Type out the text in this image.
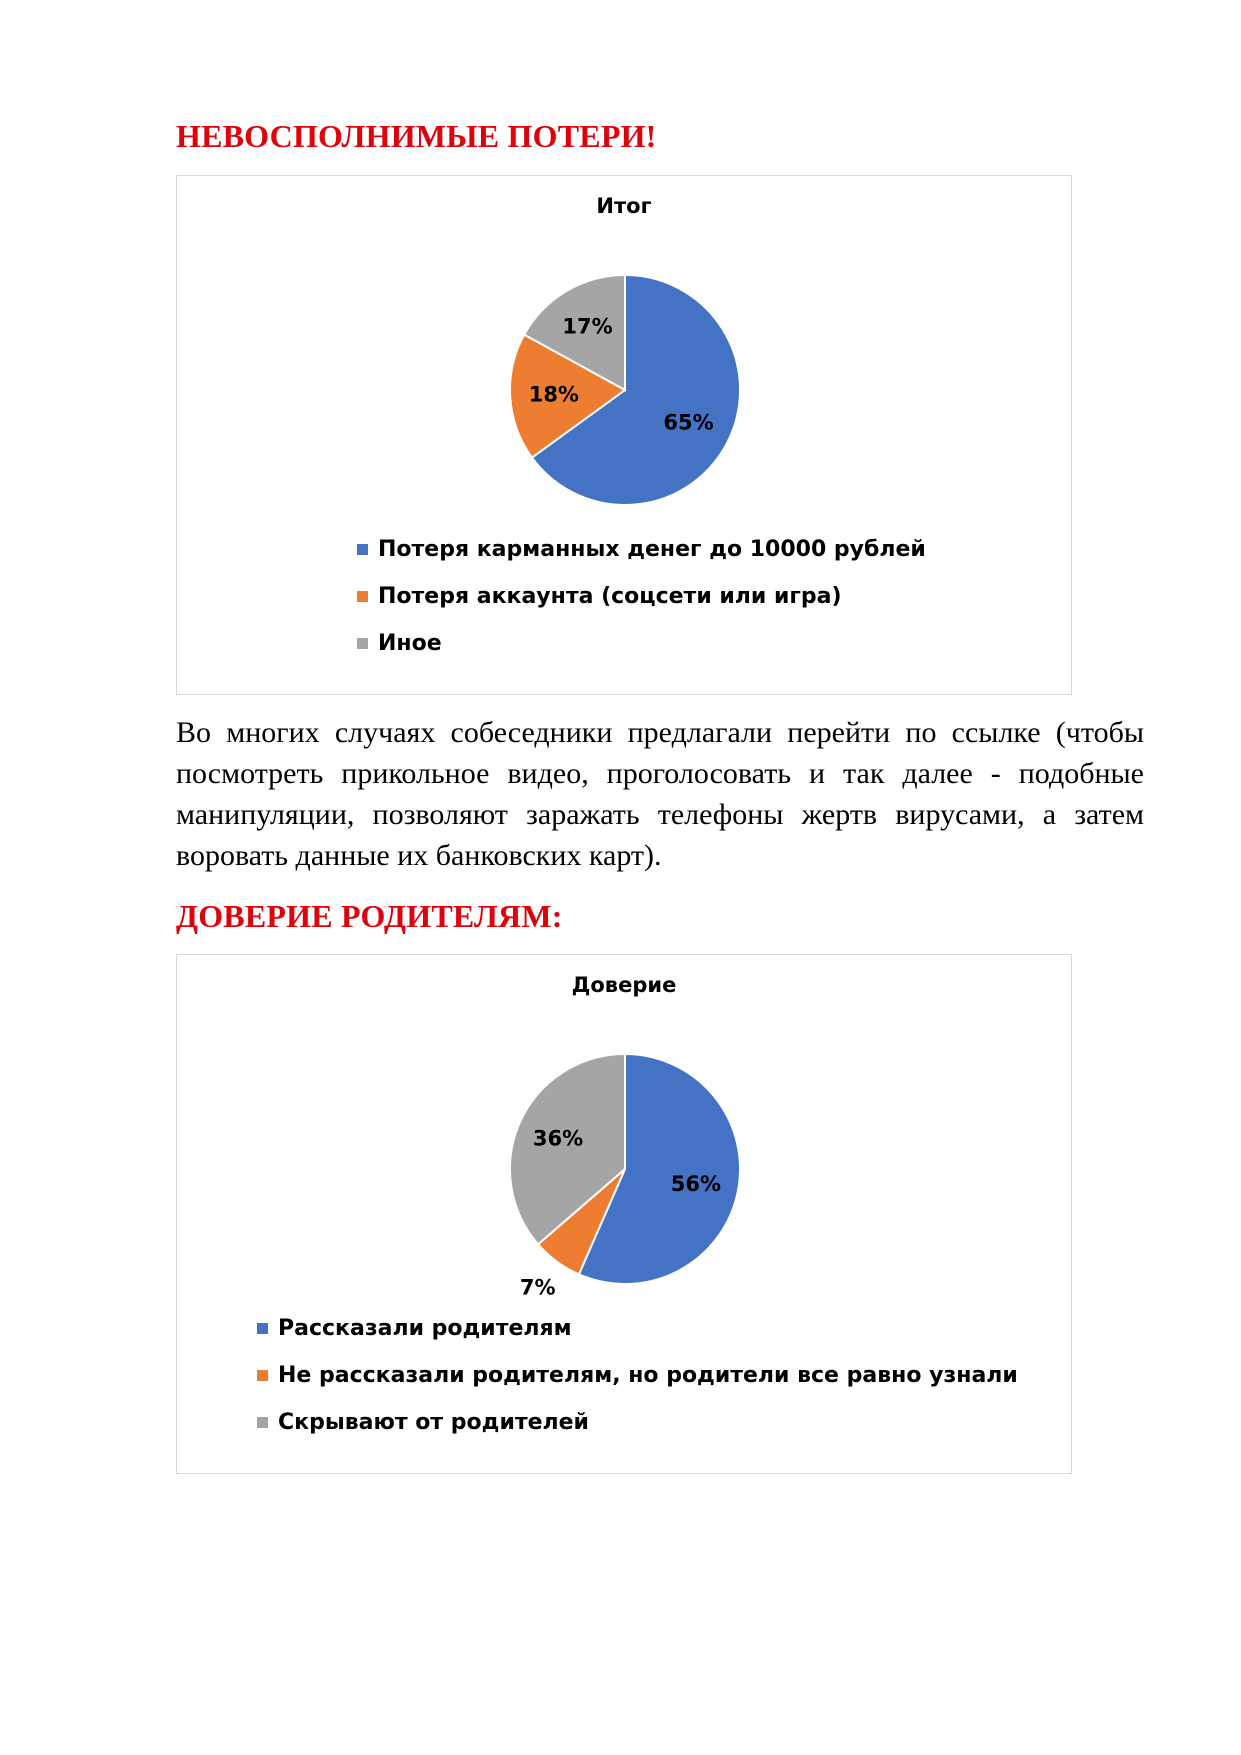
НЕВОСПОЛНИМЫЕ ПОТЕРИ!
Итог
65%
18%
17%
Потеря карманных денег до 10000 рублей
Потеря аккаунта (соцсети или игра)
Иное

Во многих случаях собеседники предлагали перейти по ссылке (чтобы посмотреть прикольное видео, проголосовать и так далее - подобные манипуляции, позволяют заражать телефоны жертв вирусами, а затем воровать данные их банковских карт).

ДОВЕРИЕ РОДИТЕЛЯМ:
Доверие
56%
7%
36%
Рассказали родителям
Не рассказали родителям, но родители все равно узнали
Скрывают от родителей
